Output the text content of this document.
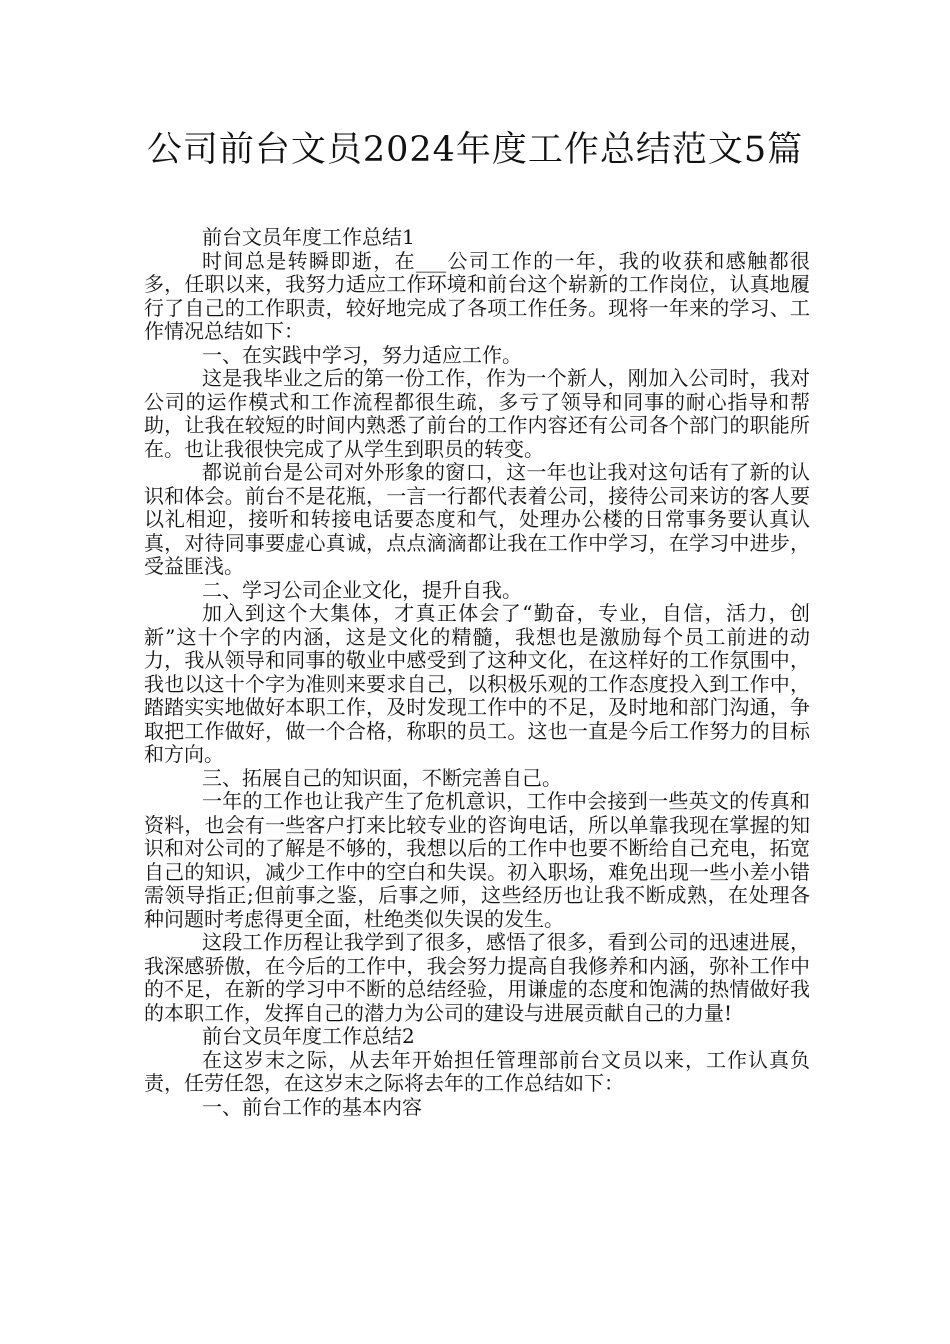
公司前台文员2024年度工作总结范文5篇

前台文员年度工作总结1

时间总是转瞬即逝，在___公司工作的一年，我的收获和感触都很多，任职以来，我努力适应工作环境和前台这个崭新的工作岗位，认真地履行了自己的工作职责，较好地完成了各项工作任务。现将一年来的学习、工作情况总结如下：

一、在实践中学习，努力适应工作。

这是我毕业之后的第一份工作，作为一个新人，刚加入公司时，我对公司的运作模式和工作流程都很生疏，多亏了领导和同事的耐心指导和帮助，让我在较短的时间内熟悉了前台的工作内容还有公司各个部门的职能所在。也让我很快完成了从学生到职员的转变。

都说前台是公司对外形象的窗口，这一年也让我对这句话有了新的认识和体会。前台不是花瓶，一言一行都代表着公司，接待公司来访的客人要以礼相迎，接听和转接电话要态度和气，处理办公楼的日常事务要认真认真，对待同事要虚心真诚，点点滴滴都让我在工作中学习，在学习中进步，受益匪浅。

二、学习公司企业文化，提升自我。

加入到这个大集体，才真正体会了“勤奋，专业，自信，活力，创新”这十个字的内涵，这是文化的精髓，我想也是激励每个员工前进的动力，我从领导和同事的敬业中感受到了这种文化，在这样好的工作氛围中，我也以这十个字为准则来要求自己，以积极乐观的工作态度投入到工作中，踏踏实实地做好本职工作，及时发现工作中的不足，及时地和部门沟通，争取把工作做好，做一个合格，称职的员工。这也一直是今后工作努力的目标和方向。

三、拓展自己的知识面，不断完善自己。

一年的工作也让我产生了危机意识，工作中会接到一些英文的传真和资料，也会有一些客户打来比较专业的咨询电话，所以单靠我现在掌握的知识和对公司的了解是不够的，我想以后的工作中也要不断给自己充电，拓宽自己的知识，减少工作中的空白和失误。初入职场，难免出现一些小差小错需领导指正;但前事之鉴，后事之师，这些经历也让我不断成熟，在处理各种问题时考虑得更全面，杜绝类似失误的发生。

这段工作历程让我学到了很多，感悟了很多，看到公司的迅速进展，我深感骄傲，在今后的工作中，我会努力提高自我修养和内涵，弥补工作中的不足，在新的学习中不断的总结经验，用谦虚的态度和饱满的热情做好我的本职工作，发挥自己的潜力为公司的建设与进展贡献自己的力量!

前台文员年度工作总结2

在这岁末之际，从去年开始担任管理部前台文员以来，工作认真负责，任劳任怨，在这岁末之际将去年的工作总结如下：

一、前台工作的基本内容
